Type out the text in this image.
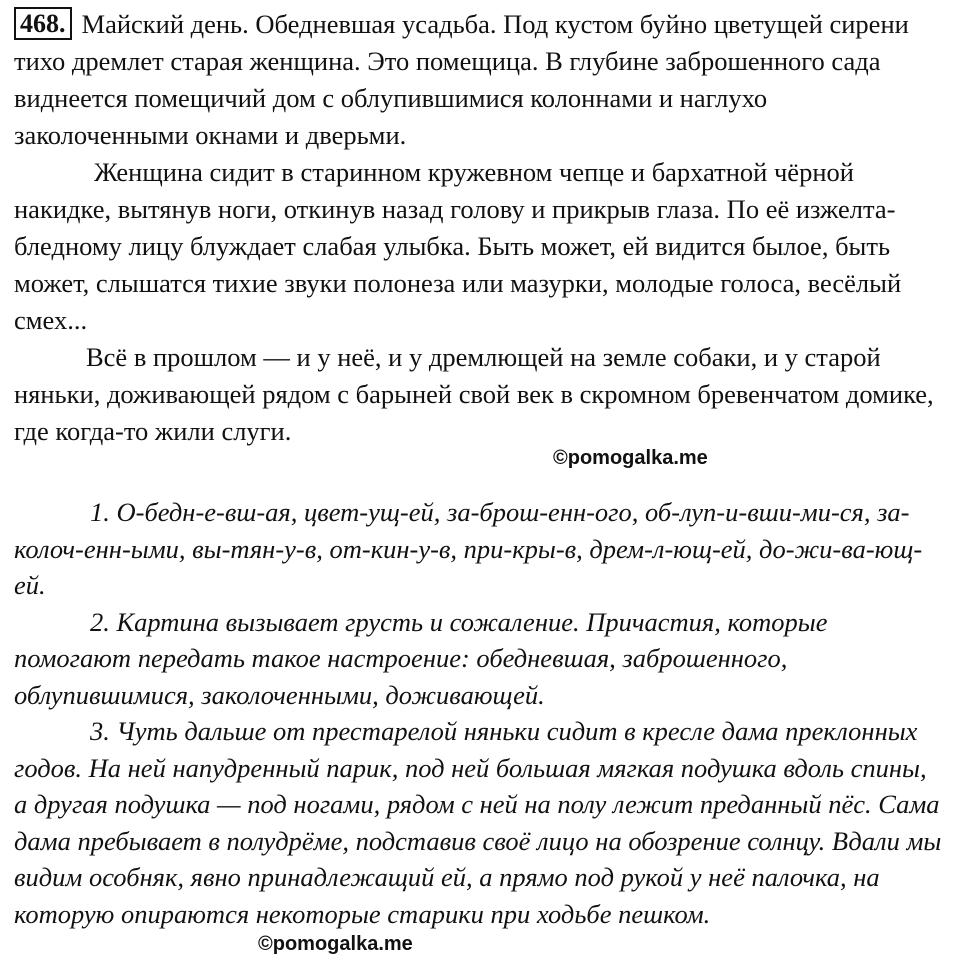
468. Майский день. Обедневшая усадьба. Под кустом буйно цветущей сирени тихо дремлет старая женщина. Это помещица. В глубине заброшенного сада виднеется помещичий дом с облупившимися колоннами и наглухо заколоченными окнами и дверьми.

Женщина сидит в старинном кружевном чепце и бархатной чёрной накидке, вытянув ноги, откинув назад голову и прикрыв глаза. По её изжелта-бледному лицу блуждает слабая улыбка. Быть может, ей видится былое, быть может, слышатся тихие звуки полонеза или мазурки, молодые голоса, весёлый смех...

Всё в прошлом — и у неё, и у дремлющей на земле собаки, и у старой няньки, доживающей рядом с барыней свой век в скромном бревенчатом домике, где когда-то жили слуги.

©pomogalka.me

1. О-бедн-е-вш-ая, цвет-ущ-ей, за-брош-енн-ого, об-луп-и-вши-ми-ся, за-колоч-енн-ыми, вы-тян-у-в, от-кин-у-в, при-кры-в, дрем-л-ющ-ей, до-жи-ва-ющ-ей.

2. Картина вызывает грусть и сожаление. Причастия, которые помогают передать такое настроение: обедневшая, заброшенного, облупившимися, заколоченными, доживающей.

3. Чуть дальше от престарелой няньки сидит в кресле дама преклонных годов. На ней напудренный парик, под ней большая мягкая подушка вдоль спины, а другая подушка — под ногами, рядом с ней на полу лежит преданный пёс. Сама дама пребывает в полудрёме, подставив своё лицо на обозрение солнцу. Вдали мы видим особняк, явно принадлежащий ей, а прямо под рукой у неё палочка, на которую опираются некоторые старики при ходьбе пешком.

©pomogalka.me
